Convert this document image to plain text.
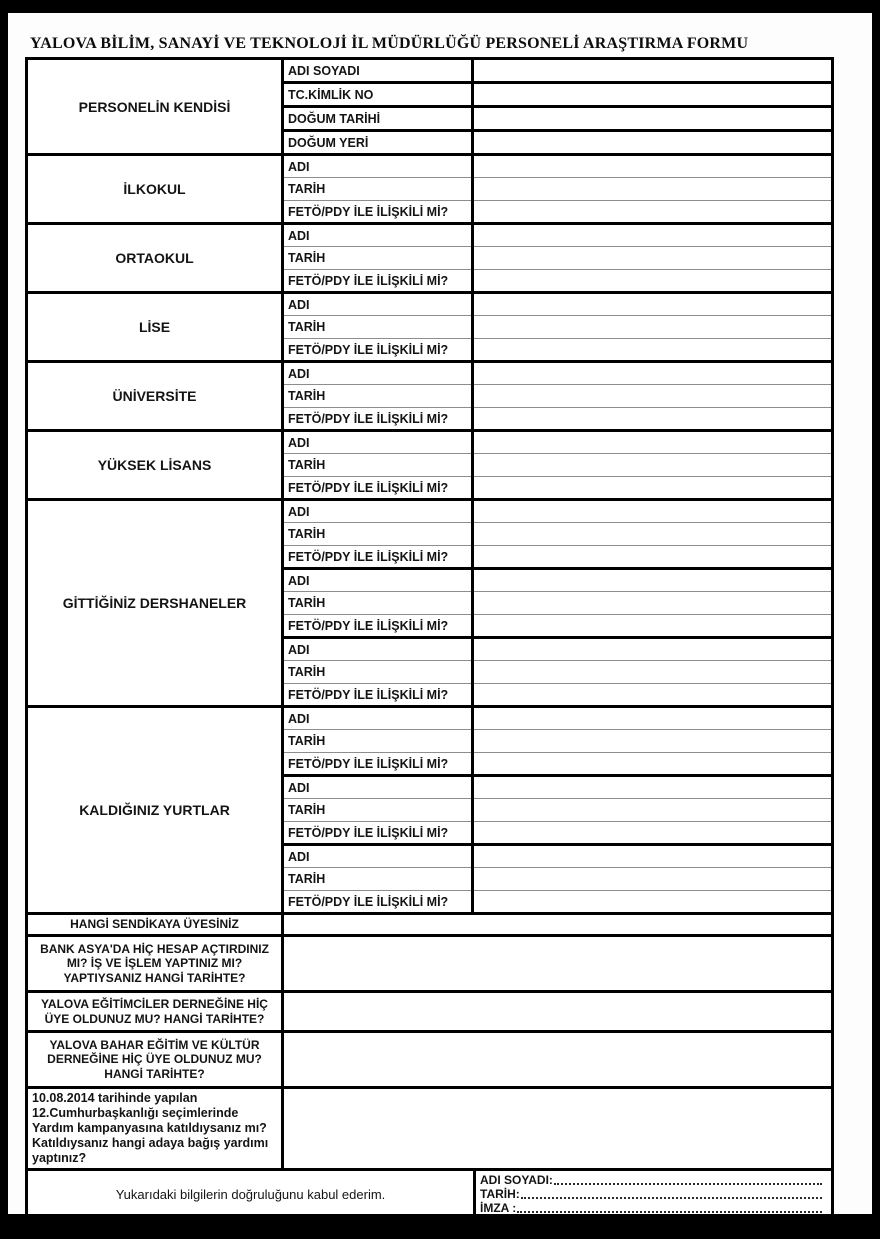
YALOVA BİLİM, SANAYİ VE TEKNOLOJİ İL MÜDÜRLÜĞÜ PERSONELİ ARAŞTIRMA FORMU
PERSONELİN KENDİSİ	ADI SOYADI	
	TC.KİMLİK NO	
	DOĞUM TARİHİ	
	DOĞUM YERİ	
İLKOKUL	ADI	
	TARİH	
	FETÖ/PDY İLE İLİŞKİLİ Mİ?	
ORTAOKUL	ADI	
	TARİH	
	FETÖ/PDY İLE İLİŞKİLİ Mİ?	
LİSE	ADI	
	TARİH	
	FETÖ/PDY İLE İLİŞKİLİ Mİ?	
ÜNİVERSİTE	ADI	
	TARİH	
	FETÖ/PDY İLE İLİŞKİLİ Mİ?	
YÜKSEK LİSANS	ADI	
	TARİH	
	FETÖ/PDY İLE İLİŞKİLİ Mİ?	
GİTTİĞİNİZ DERSHANELER	ADI	
	TARİH	
	FETÖ/PDY İLE İLİŞKİLİ Mİ?	
	ADI	
	TARİH	
	FETÖ/PDY İLE İLİŞKİLİ Mİ?	
	ADI	
	TARİH	
	FETÖ/PDY İLE İLİŞKİLİ Mİ?	
KALDIĞINIZ YURTLAR	ADI	
	TARİH	
	FETÖ/PDY İLE İLİŞKİLİ Mİ?	
	ADI	
	TARİH	
	FETÖ/PDY İLE İLİŞKİLİ Mİ?	
	ADI	
	TARİH	
	FETÖ/PDY İLE İLİŞKİLİ Mİ?	
HANGİ SENDİKAYA ÜYESİNİZ		
BANK ASYA'DA HİÇ HESAP AÇTIRDINIZ MI? İŞ VE İŞLEM YAPTINIZ MI? YAPTIYSANIZ HANGİ TARİHTE?		
YALOVA EĞİTİMCİLER DERNEĞİNE HİÇ ÜYE OLDUNUZ MU? HANGİ TARİHTE?		
YALOVA BAHAR EĞİTİM VE KÜLTÜR DERNEĞİNE HİÇ ÜYE OLDUNUZ MU? HANGİ TARİHTE?		
10.08.2014 tarihinde yapılan 12.Cumhurbaşkanlığı seçimlerinde Yardım kampanyasına katıldıysanız mı? Katıldıysanız hangi adaya bağış yardımı yaptınız?		
Yukarıdaki bilgilerin doğruluğunu kabul ederim.	
ADI SOYADI:
TARİH:
İMZA :
